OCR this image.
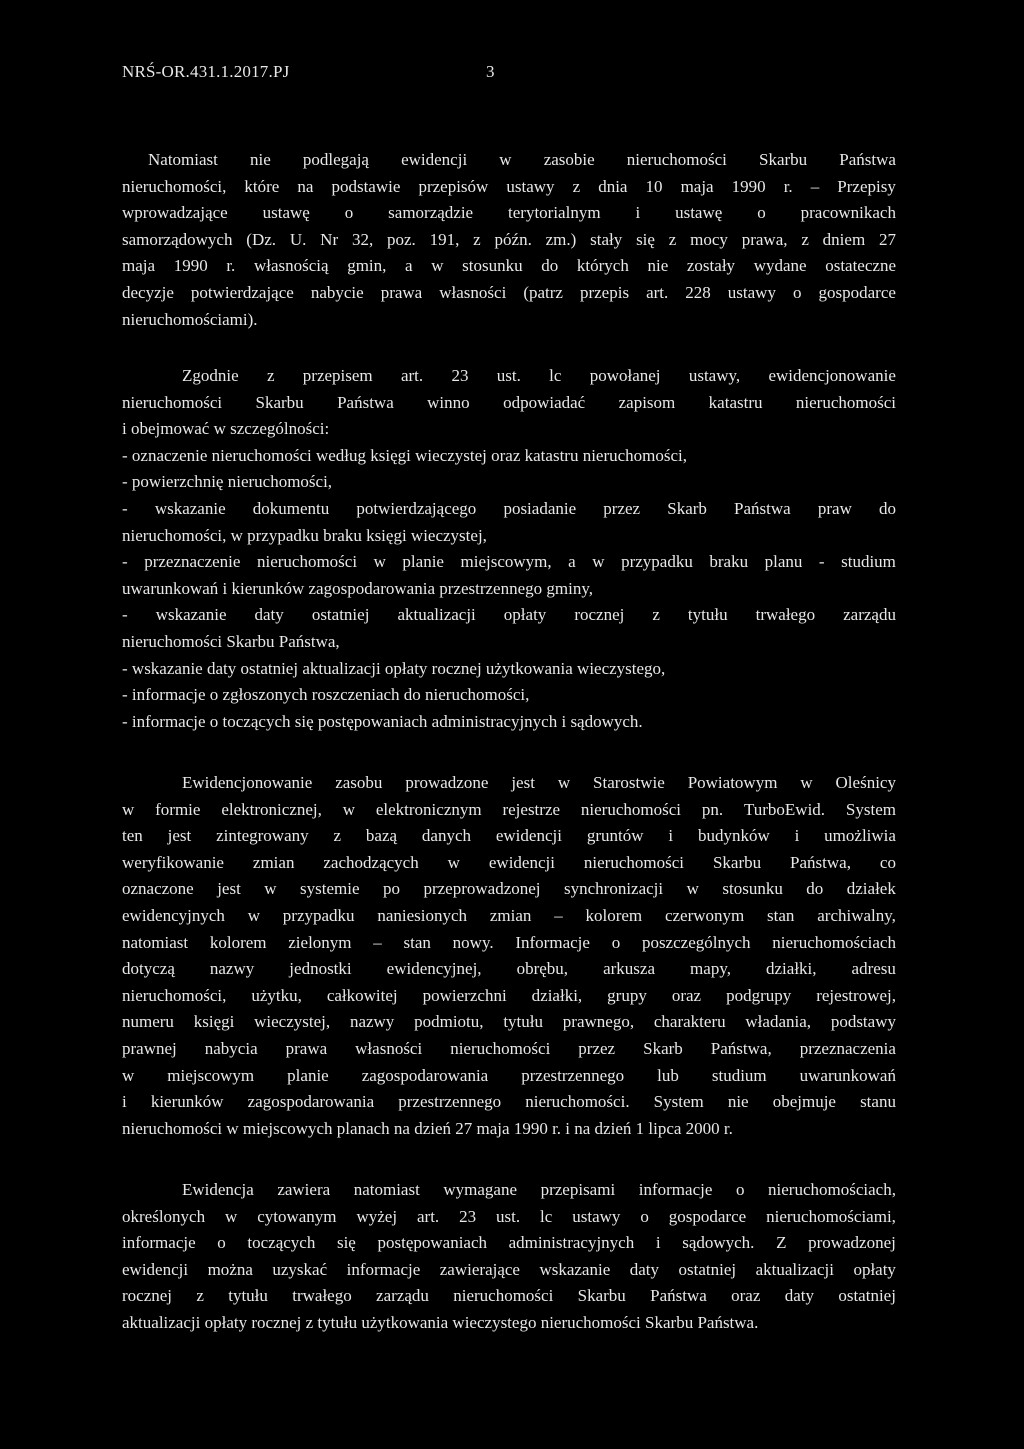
NRŚ-OR.431.1.2017.PJ	3
Natomiast nie podlegają ewidencji w zasobie nieruchomości Skarbu Państwa
nieruchomości, które na podstawie przepisów ustawy z dnia 10 maja 1990 r. – Przepisy
wprowadzające ustawę o samorządzie terytorialnym i ustawę o pracownikach
samorządowych (Dz. U. Nr 32, poz. 191, z późn. zm.) stały się z mocy prawa, z dniem 27
maja 1990 r. własnością gmin, a w stosunku do których nie zostały wydane ostateczne
decyzje potwierdzające nabycie prawa własności (patrz przepis art. 228 ustawy o gospodarce
nieruchomościami).
Zgodnie z przepisem art. 23 ust. lc powołanej ustawy, ewidencjonowanie
nieruchomości Skarbu Państwa winno odpowiadać zapisom katastru nieruchomości
i obejmować w szczególności:
- oznaczenie nieruchomości według księgi wieczystej oraz katastru nieruchomości,
- powierzchnię nieruchomości,
- wskazanie dokumentu potwierdzającego posiadanie przez Skarb Państwa praw do
nieruchomości, w przypadku braku księgi wieczystej,
- przeznaczenie nieruchomości w planie miejscowym, a w przypadku braku planu - studium
uwarunkowań i kierunków zagospodarowania przestrzennego gminy,
- wskazanie daty ostatniej aktualizacji opłaty rocznej z tytułu trwałego zarządu
nieruchomości Skarbu Państwa,
- wskazanie daty ostatniej aktualizacji opłaty rocznej użytkowania wieczystego,
- informacje o zgłoszonych roszczeniach do nieruchomości,
- informacje o toczących się postępowaniach administracyjnych i sądowych.
Ewidencjonowanie zasobu prowadzone jest w Starostwie Powiatowym w Oleśnicy
w formie elektronicznej, w elektronicznym rejestrze nieruchomości pn. TurboEwid. System
ten jest zintegrowany z bazą danych ewidencji gruntów i budynków i umożliwia
weryfikowanie zmian zachodzących w ewidencji nieruchomości Skarbu Państwa, co
oznaczone jest w systemie po przeprowadzonej synchronizacji w stosunku do działek
ewidencyjnych w przypadku naniesionych zmian – kolorem czerwonym stan archiwalny,
natomiast kolorem zielonym – stan nowy. Informacje o poszczególnych nieruchomościach
dotyczą nazwy jednostki ewidencyjnej, obrębu, arkusza mapy, działki, adresu
nieruchomości, użytku, całkowitej powierzchni działki, grupy oraz podgrupy rejestrowej,
numeru księgi wieczystej, nazwy podmiotu, tytułu prawnego, charakteru władania, podstawy
prawnej nabycia prawa własności nieruchomości przez Skarb Państwa, przeznaczenia
w miejscowym planie zagospodarowania przestrzennego lub studium uwarunkowań
i kierunków zagospodarowania przestrzennego nieruchomości. System nie obejmuje stanu
nieruchomości w miejscowych planach na dzień 27 maja 1990 r. i na dzień 1 lipca 2000 r.
Ewidencja zawiera natomiast wymagane przepisami informacje o nieruchomościach,
określonych w cytowanym wyżej art. 23 ust. lc ustawy o gospodarce nieruchomościami,
informacje o toczących się postępowaniach administracyjnych i sądowych. Z prowadzonej
ewidencji można uzyskać informacje zawierające wskazanie daty ostatniej aktualizacji opłaty
rocznej z tytułu trwałego zarządu nieruchomości Skarbu Państwa oraz daty ostatniej
aktualizacji opłaty rocznej z tytułu użytkowania wieczystego nieruchomości Skarbu Państwa.
